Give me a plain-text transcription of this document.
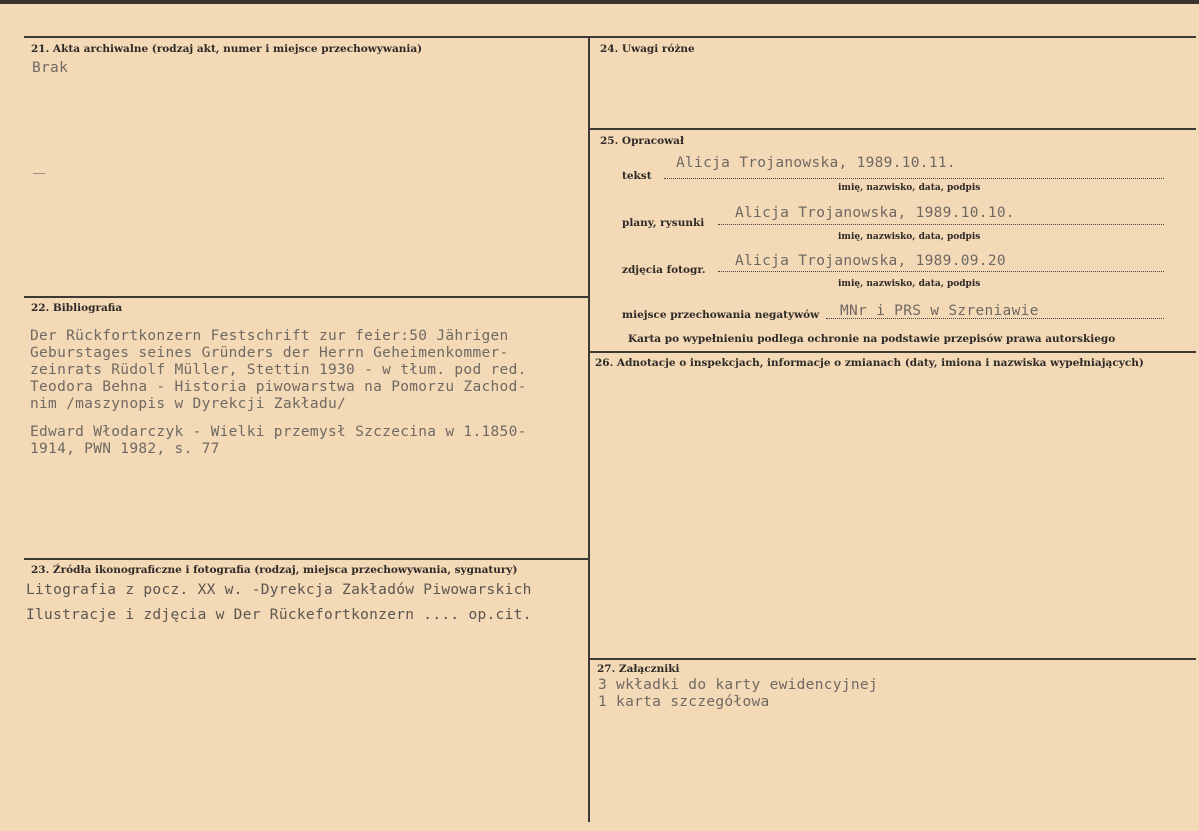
21. Akta archiwalne (rodzaj akt, numer i miejsce przechowywania)
Brak
22. Bibliografia
Der Rückfortkonzern Festschrift zur feier:50 Jährigen
Geburstages seines Gründers der Herrn Geheimenkommer-
zeinrats Rüdolf Müller, Stettin 1930 - w tłum. pod red.
Teodora Behna - Historia piwowarstwa na Pomorzu Zachod-
nim /maszynopis w Dyrekcji Zakładu/
Edward Włodarczyk - Wielki przemysł Szczecina w 1.1850-
1914, PWN 1982, s. 77
23. Źródła ikonograficzne i fotografia (rodzaj, miejsca przechowywania, sygnatury)
Litografia z pocz. XX w. -Dyrekcja Zakładów Piwowarskich
Ilustracje i zdjęcia w Der Rückefortkonzern .... op.cit.
24. Uwagi różne
25. Opracował
Alicja Trojanowska, 1989.10.11.
tekst
imię, nazwisko, data, podpis
Alicja Trojanowska, 1989.10.10.
plany, rysunki
imię, nazwisko, data, podpis
Alicja Trojanowska, 1989.09.20
zdjęcia fotogr.
imię, nazwisko, data, podpis
miejsce przechowania negatywów MNr i PRS w Szreniawie
Karta po wypełnieniu podlega ochronie na podstawie przepisów prawa autorskiego
26. Adnotacje o inspekcjach, informacje o zmianach (daty, imiona i nazwiska wypełniających)
27. Załączniki
3 wkładki do karty ewidencyjnej
1 karta szczegółowa
